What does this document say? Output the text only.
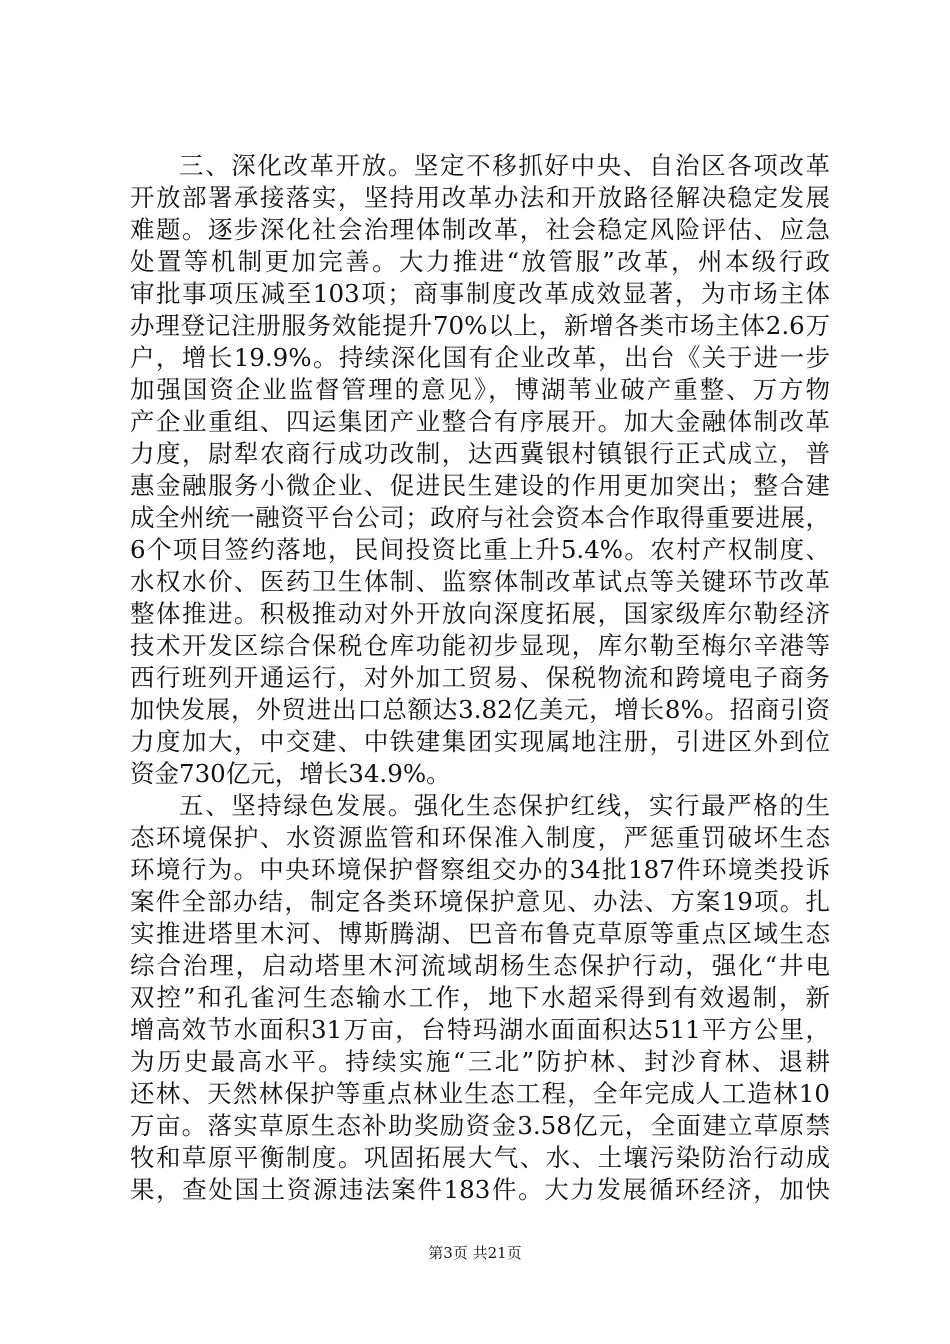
三、深化改革开放。坚定不移抓好中央、自治区各项改革
开放部署承接落实，坚持用改革办法和开放路径解决稳定发展
难题。逐步深化社会治理体制改革，社会稳定风险评估、应急
处置等机制更加完善。大力推进“放管服”改革，州本级行政
审批事项压减至103项；商事制度改革成效显著，为市场主体
办理登记注册服务效能提升70%以上，新增各类市场主体2.6万
户，增长19.9%。持续深化国有企业改革，出台《关于进一步
加强国资企业监督管理的意见》，博湖苇业破产重整、万方物
产企业重组、四运集团产业整合有序展开。加大金融体制改革
力度，尉犁农商行成功改制，达西冀银村镇银行正式成立，普
惠金融服务小微企业、促进民生建设的作用更加突出；整合建
成全州统一融资平台公司；政府与社会资本合作取得重要进展，
6个项目签约落地，民间投资比重上升5.4%。农村产权制度、
水权水价、医药卫生体制、监察体制改革试点等关键环节改革
整体推进。积极推动对外开放向深度拓展，国家级库尔勒经济
技术开发区综合保税仓库功能初步显现，库尔勒至梅尔辛港等
西行班列开通运行，对外加工贸易、保税物流和跨境电子商务
加快发展，外贸进出口总额达3.82亿美元，增长8%。招商引资
力度加大，中交建、中铁建集团实现属地注册，引进区外到位
资金730亿元，增长34.9%。
五、坚持绿色发展。强化生态保护红线，实行最严格的生
态环境保护、水资源监管和环保准入制度，严惩重罚破坏生态
环境行为。中央环境保护督察组交办的34批187件环境类投诉
案件全部办结，制定各类环境保护意见、办法、方案19项。扎
实推进塔里木河、博斯腾湖、巴音布鲁克草原等重点区域生态
综合治理，启动塔里木河流域胡杨生态保护行动，强化“井电
双控”和孔雀河生态输水工作，地下水超采得到有效遏制，新
增高效节水面积31万亩，台特玛湖水面面积达511平方公里，
为历史最高水平。持续实施“三北”防护林、封沙育林、退耕
还林、天然林保护等重点林业生态工程，全年完成人工造林10
万亩。落实草原生态补助奖励资金3.58亿元，全面建立草原禁
牧和草原平衡制度。巩固拓展大气、水、土壤污染防治行动成
果，查处国土资源违法案件183件。大力发展循环经济，加快
第3页 共21页
